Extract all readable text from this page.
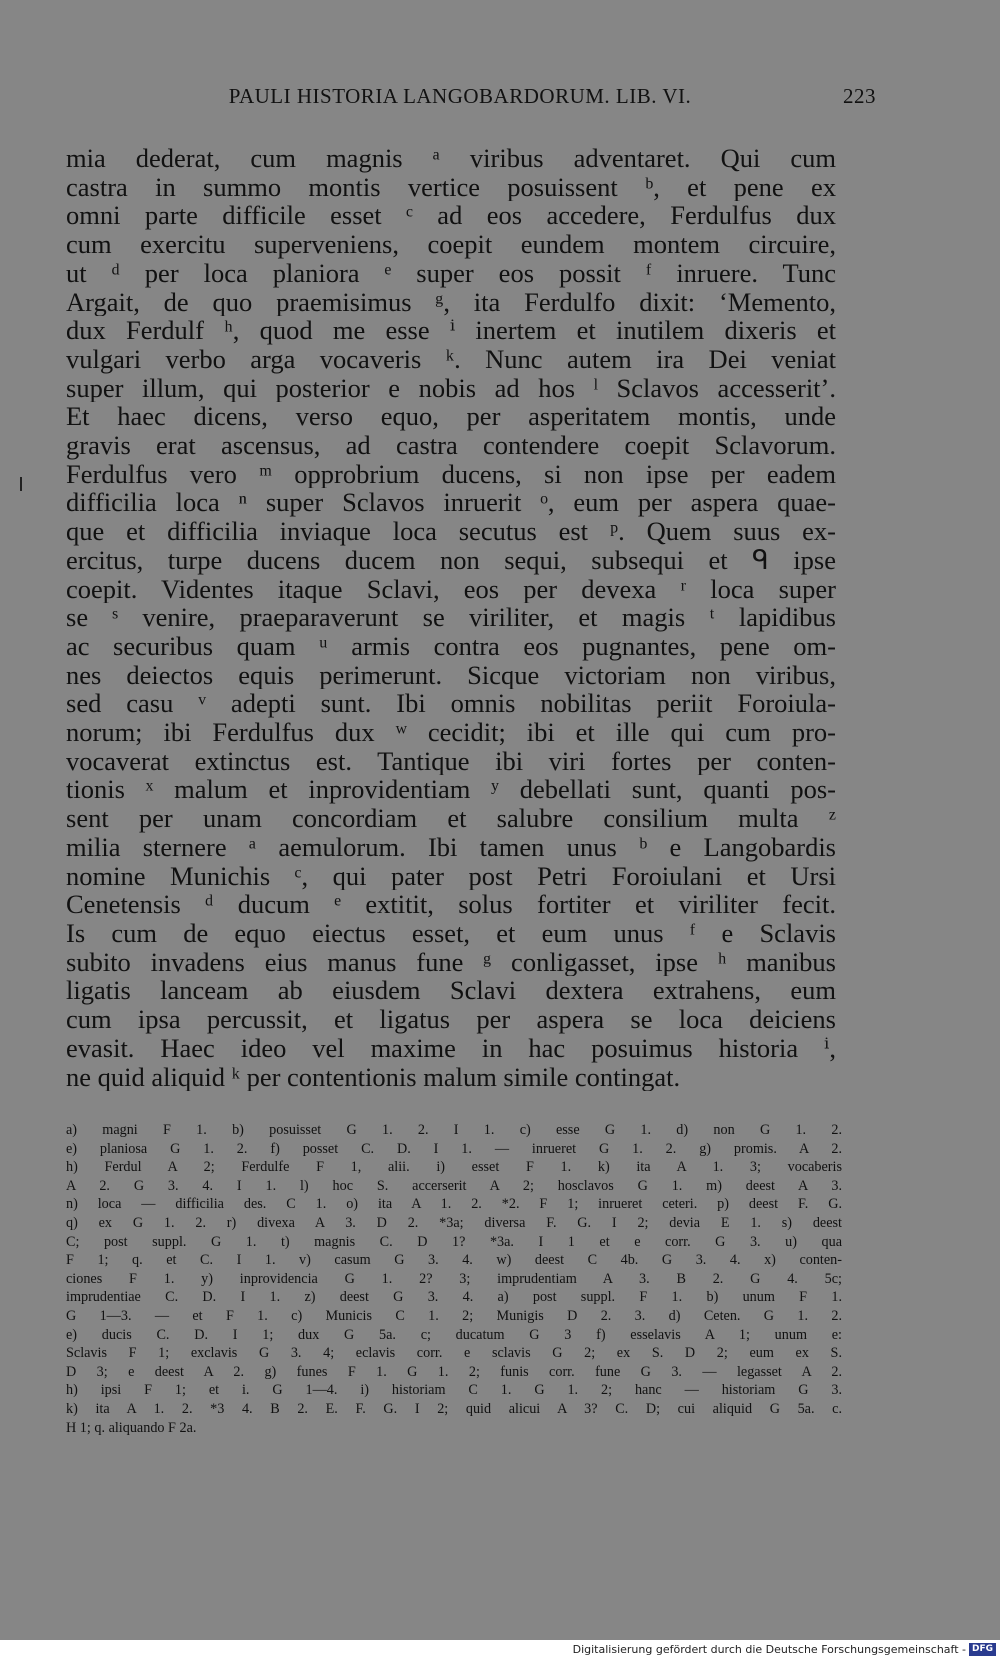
PAULI HISTORIA LANGOBARDORUM. LIB. VI.	223
mia dederat, cum magnis ᵃ viribus adventaret. Qui cum
castra in summo montis vertice posuissent ᵇ, et pene ex
omni parte difficile esset ᶜ ad eos accedere, Ferdulfus dux
cum exercitu superveniens, coepit eundem montem circuire,
ut ᵈ per loca planiora ᵉ super eos possit ᶠ inruere. Tunc
Argait, de quo praemisimus ᵍ, ita Ferdulfo dixit: ‘Memento,
dux Ferdulf ʰ, quod me esse ⁱ inertem et inutilem dixeris et
vulgari verbo arga vocaveris ᵏ. Nunc autem ira Dei veniat
super illum, qui posterior e nobis ad hos ˡ Sclavos accesserit’.
Et haec dicens, verso equo, per asperitatem montis, unde
gravis erat ascensus, ad castra contendere coepit Sclavorum.
Ferdulfus vero ᵐ opprobrium ducens, si non ipse per eadem
difficilia loca ⁿ super Sclavos inruerit ᵒ, eum per aspera quae-
que et difficilia inviaque loca secutus est ᵖ. Quem suus ex-
ercitus, turpe ducens ducem non sequi, subsequi et ᑫ ipse
coepit. Videntes itaque Sclavi, eos per devexa ʳ loca super
se ˢ venire, praeparaverunt se viriliter, et magis ᵗ lapidibus
ac securibus quam ᵘ armis contra eos pugnantes, pene om-
nes deiectos equis perimerunt. Sicque victoriam non viribus,
sed casu ᵛ adepti sunt. Ibi omnis nobilitas periit Foroiula-
norum; ibi Ferdulfus dux ʷ cecidit; ibi et ille qui cum pro-
vocaverat extinctus est. Tantique ibi viri fortes per conten-
tionis ˣ malum et inprovidentiam ʸ debellati sunt, quanti pos-
sent per unam concordiam et salubre consilium multa ᶻ
milia sternere ᵃ aemulorum. Ibi tamen unus ᵇ e Langobardis
nomine Munichis ᶜ, qui pater post Petri Foroiulani et Ursi
Cenetensis ᵈ ducum ᵉ extitit, solus fortiter et viriliter fecit.
Is cum de equo eiectus esset, et eum unus ᶠ e Sclavis
subito invadens eius manus fune ᵍ conligasset, ipse ʰ manibus
ligatis lanceam ab eiusdem Sclavi dextera extrahens, eum
cum ipsa percussit, et ligatus per aspera se loca deiciens
evasit. Haec ideo vel maxime in hac posuimus historia ⁱ,
ne quid aliquid ᵏ per contentionis malum simile contingat.
a) magni F 1. b) posuisset G 1. 2. I 1. c) esse G 1. d) non G 1. 2.
e) planiosa G 1. 2. f) posset C. D. I 1. — inrueret G 1. 2. g) promis. A 2.
h) Ferdul A 2; Ferdulfe F 1, alii. i) esset F 1. k) ita A 1. 3; vocaberis
A 2. G 3. 4. I 1. l) hoc S. accerserit A 2; hosclavos G 1. m) deest A 3.
n) loca — difficilia des. C 1. o) ita A 1. 2. *2. F 1; inrueret ceteri. p) deest F. G.
q) ex G 1. 2. r) divexa A 3. D 2. *3a; diversa F. G. I 2; devia E 1. s) deest
C; post suppl. G 1. t) magnis C. D 1? *3a. I 1 et e corr. G 3. u) qua
F 1; q. et C. I 1. v) casum G 3. 4. w) deest C 4b. G 3. 4. x) conten-
ciones F 1. y) inprovidencia G 1. 2? 3; imprudentiam A 3. B 2. G 4. 5c;
imprudentiae C. D. I 1. z) deest G 3. 4. a) post suppl. F 1. b) unum F 1.
G 1—3. — et F 1. c) Municis C 1. 2; Munigis D 2. 3. d) Ceten. G 1. 2.
e) ducis C. D. I 1; dux G 5a. c; ducatum G 3 f) esselavis A 1; unum e:
Sclavis F 1; exclavis G 3. 4; eclavis corr. e sclavis G 2; ex S. D 2; eum ex S.
D 3; e deest A 2. g) funes F 1. G 1. 2; funis corr. fune G 3. — legasset A 2.
h) ipsi F 1; et i. G 1—4. i) historiam C 1. G 1. 2; hanc — historiam G 3.
k) ita A 1. 2. *3 4. B 2. E. F. G. I 2; quid alicui A 3? C. D; cui aliquid G 5a. c.
H 1; q. aliquando F 2a.
Digitalisierung gefördert durch die Deutsche Forschungsgemeinschaft - DFG
